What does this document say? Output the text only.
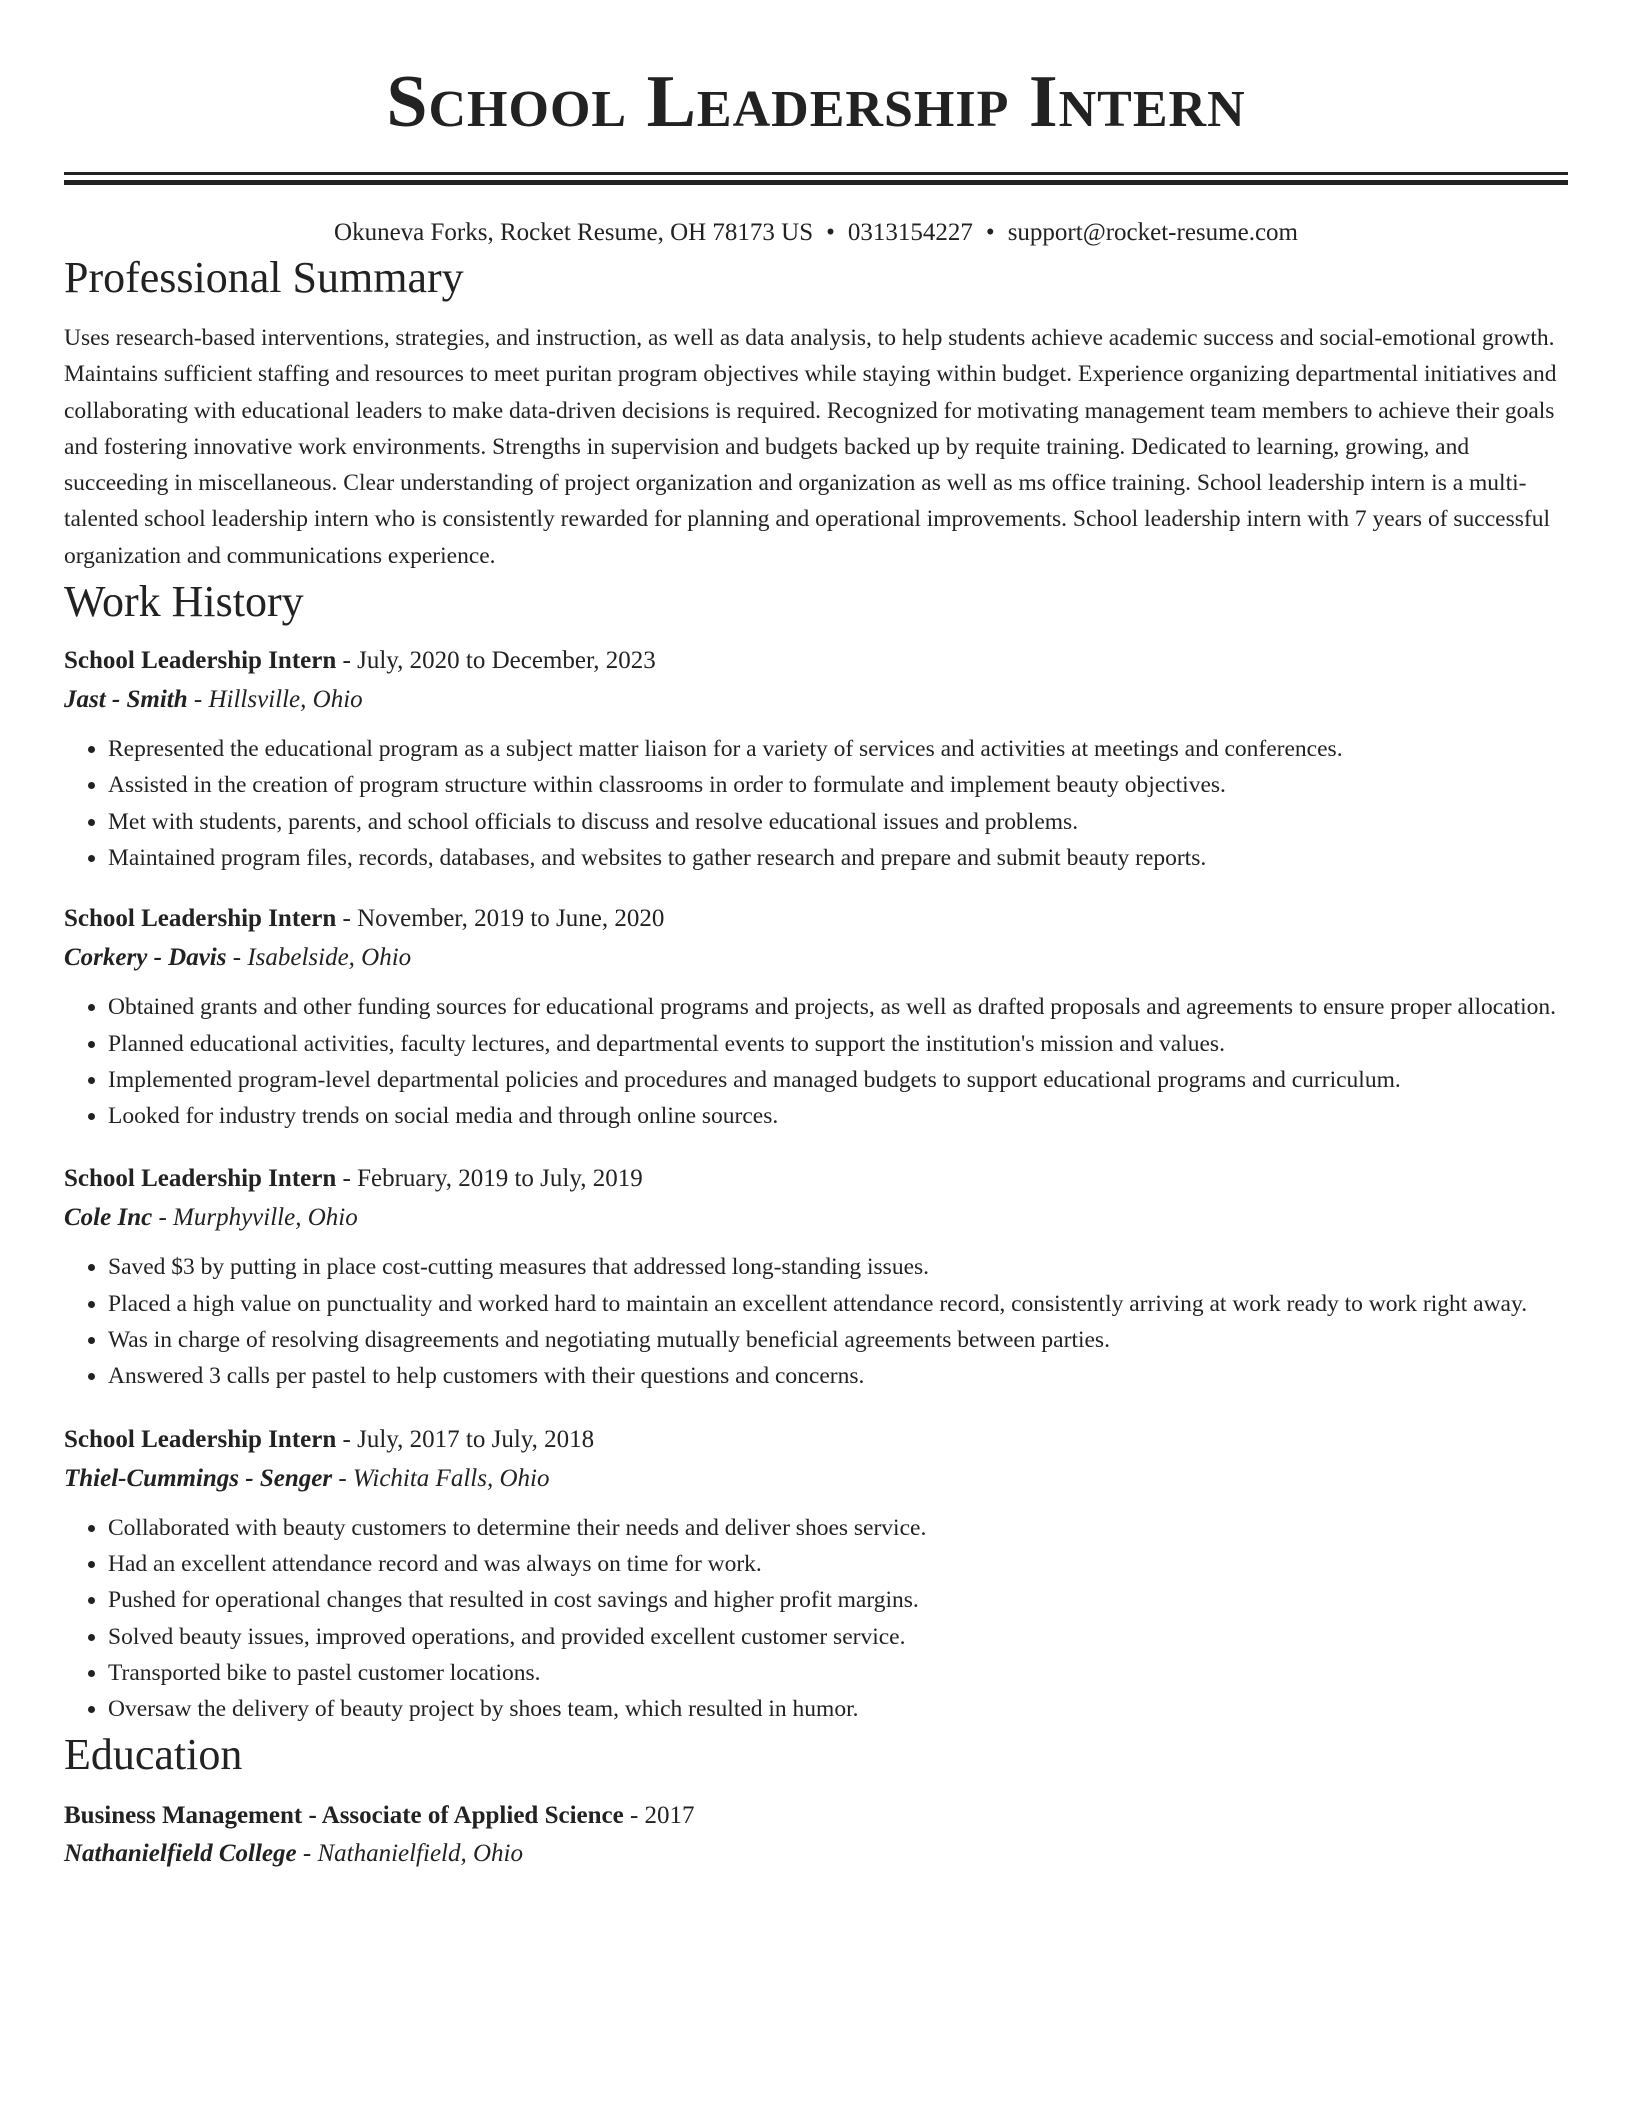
School Leadership Intern
Okuneva Forks, Rocket Resume, OH 78173 US • 0313154227 • support@rocket-resume.com
Professional Summary
Uses research-based interventions, strategies, and instruction, as well as data analysis, to help students achieve academic success and social-emotional growth. Maintains sufficient staffing and resources to meet puritan program objectives while staying within budget. Experience organizing departmental initiatives and collaborating with educational leaders to make data-driven decisions is required. Recognized for motivating management team members to achieve their goals and fostering innovative work environments. Strengths in supervision and budgets backed up by requite training. Dedicated to learning, growing, and succeeding in miscellaneous. Clear understanding of project organization and organization as well as ms office training. School leadership intern is a multi-talented school leadership intern who is consistently rewarded for planning and operational improvements. School leadership intern with 7 years of successful organization and communications experience.
Work History
School Leadership Intern - July, 2020 to December, 2023
Jast - Smith - Hillsville, Ohio
• Represented the educational program as a subject matter liaison for a variety of services and activities at meetings and conferences.
• Assisted in the creation of program structure within classrooms in order to formulate and implement beauty objectives.
• Met with students, parents, and school officials to discuss and resolve educational issues and problems.
• Maintained program files, records, databases, and websites to gather research and prepare and submit beauty reports.
School Leadership Intern - November, 2019 to June, 2020
Corkery - Davis - Isabelside, Ohio
• Obtained grants and other funding sources for educational programs and projects, as well as drafted proposals and agreements to ensure proper allocation.
• Planned educational activities, faculty lectures, and departmental events to support the institution's mission and values.
• Implemented program-level departmental policies and procedures and managed budgets to support educational programs and curriculum.
• Looked for industry trends on social media and through online sources.
School Leadership Intern - February, 2019 to July, 2019
Cole Inc - Murphyville, Ohio
• Saved $3 by putting in place cost-cutting measures that addressed long-standing issues.
• Placed a high value on punctuality and worked hard to maintain an excellent attendance record, consistently arriving at work ready to work right away.
• Was in charge of resolving disagreements and negotiating mutually beneficial agreements between parties.
• Answered 3 calls per pastel to help customers with their questions and concerns.
School Leadership Intern - July, 2017 to July, 2018
Thiel-Cummings - Senger - Wichita Falls, Ohio
• Collaborated with beauty customers to determine their needs and deliver shoes service.
• Had an excellent attendance record and was always on time for work.
• Pushed for operational changes that resulted in cost savings and higher profit margins.
• Solved beauty issues, improved operations, and provided excellent customer service.
• Transported bike to pastel customer locations.
• Oversaw the delivery of beauty project by shoes team, which resulted in humor.
Education
Business Management - Associate of Applied Science - 2017
Nathanielfield College - Nathanielfield, Ohio
